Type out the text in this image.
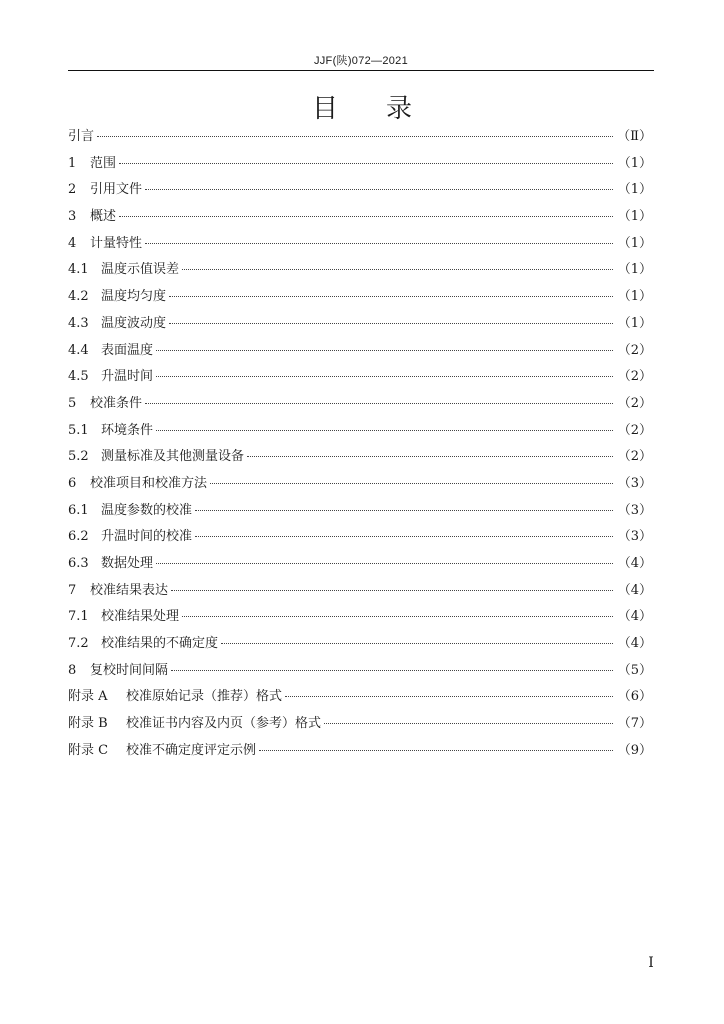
JJF(陕)072—2021
目录
引言	（Ⅱ）
1	范围	（1）
2	引用文件	（1）
3	概述	（1）
4	计量特性	（1）
4.1 温度示值误差	（1）
4.2 温度均匀度	（1）
4.3 温度波动度	（1）
4.4 表面温度	（2）
4.5 升温时间	（2）
5	校准条件	（2）
5.1 环境条件	（2）
5.2 测量标准及其他测量设备	（2）
6	校准项目和校准方法	（3）
6.1 温度参数的校准	（3）
6.2 升温时间的校准	（3）
6.3 数据处理	（4）
7	校准结果表达	（4）
7.1 校准结果处理	（4）
7.2 校准结果的不确定度	（4）
8	复校时间间隔	（5）
附录 A	校准原始记录（推荐）格式	（6）
附录 B	校准证书内容及内页（参考）格式	（7）
附录 C	校准不确定度评定示例	（9）
I
